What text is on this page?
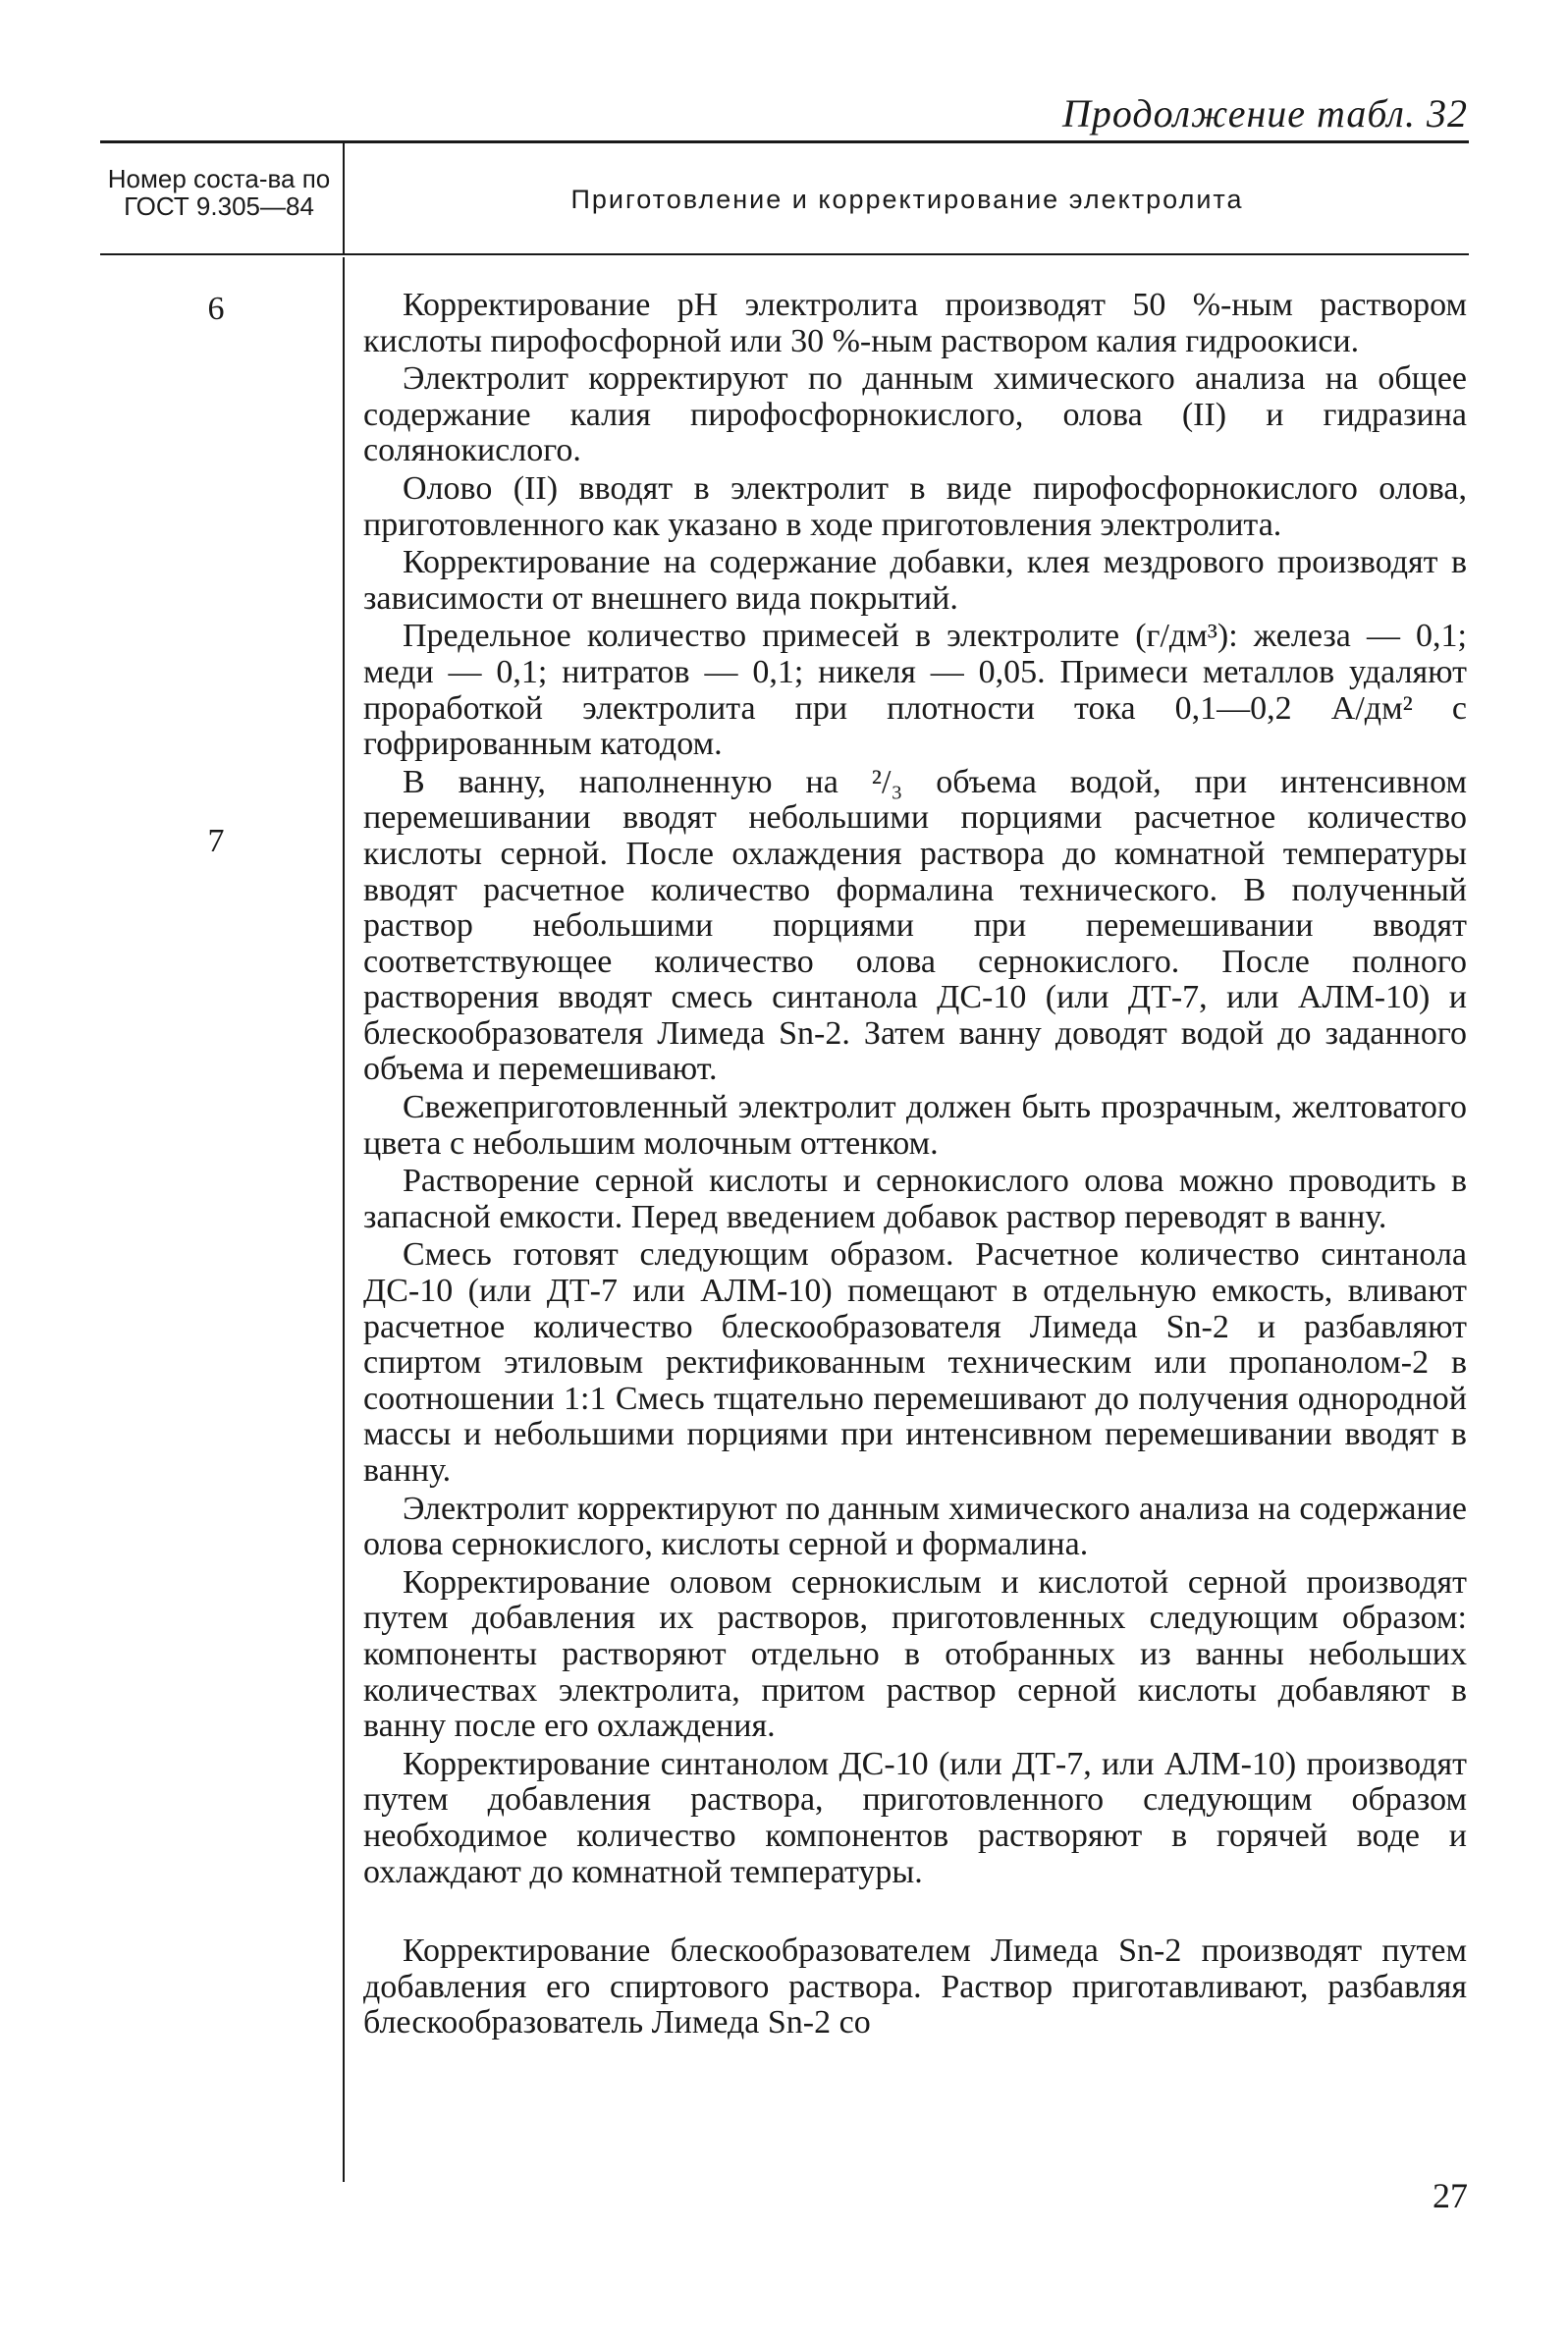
Продолжение табл. 32
Номер соста-ва по ГОСТ 9.305—84	Приготовление и корректирование электролита
6
7

Корректирование pH электролита производят 50 %-ным раствором кислоты пирофосфорной или 30 %-ным раствором калия гидроокиси.

Электролит корректируют по данным химического анализа на общее содержание калия пирофосфорнокислого, олова (II) и гидразина солянокислого.

Олово (II) вводят в электролит в виде пирофосфорнокислого олова, приготовленного как указано в ходе приготовления электролита.

Корректирование на содержание добавки, клея мездрового производят в зависимости от внешнего вида покрытий.

Предельное количество примесей в электролите (г/дм³): железа — 0,1; меди — 0,1; нитратов — 0,1; никеля — 0,05. Примеси металлов удаляют проработкой электролита при плотности тока 0,1—0,2 А/дм² с гофрированным катодом.

В ванну, наполненную на ²/₃ объема водой, при интенсивном перемешивании вводят небольшими порциями расчетное количество кислоты серной. После охлаждения раствора до комнатной температуры вводят расчетное количество формалина технического. В полученный раствор небольшими порциями при перемешивании вводят соответствующее количество олова сернокислого. После полного растворения вводят смесь синтанола ДС-10 (или ДТ-7, или АЛМ-10) и блескообразователя Лимеда Sn-2. Затем ванну доводят водой до заданного объема и перемешивают.

Свежеприготовленный электролит должен быть прозрачным, желтоватого цвета с небольшим молочным оттенком.

Растворение серной кислоты и сернокислого олова можно проводить в запасной емкости. Перед введением добавок раствор переводят в ванну.

Смесь готовят следующим образом. Расчетное количество синтанола ДС-10 (или ДТ-7 или АЛМ-10) помещают в отдельную емкость, вливают расчетное количество блескообразователя Лимеда Sn-2 и разбавляют спиртом этиловым ректификованным техническим или пропанолом-2 в соотношении 1:1 Смесь тщательно перемешивают до получения однородной массы и небольшими порциями при интенсивном перемешивании вводят в ванну.

Электролит корректируют по данным химического анализа на содержание олова сернокислого, кислоты серной и формалина.

Корректирование оловом сернокислым и кислотой серной производят путем добавления их растворов, приготовленных следующим образом: компоненты растворяют отдельно в отобранных из ванны небольших количествах электролита, притом раствор серной кислоты добавляют в ванну после его охлаждения.

Корректирование синтанолом ДС-10 (или ДТ-7, или АЛМ-10) производят путем добавления раствора, приготовленного следующим образом необходимое количество компонентов растворяют в горячей воде и охлаждают до комнатной температуры.

Корректирование блескообразователем Лимеда Sn-2 производят путем добавления его спиртового раствора. Раствор приготавливают, разбавляя блескообразователь Лимеда Sn-2 со

27
